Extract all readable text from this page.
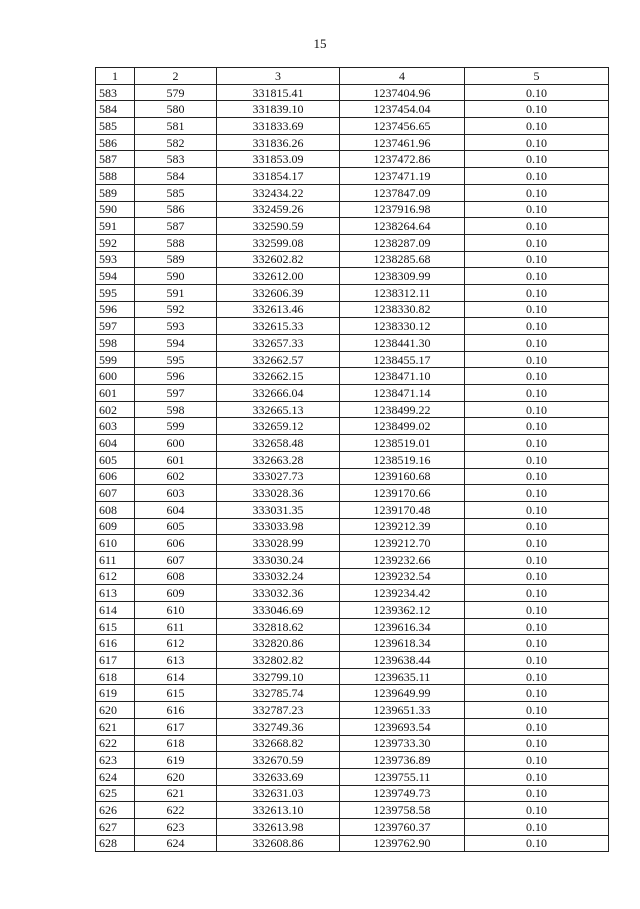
15
1	2	3	4	5
583	579	331815.41	1237404.96	0.10
584	580	331839.10	1237454.04	0.10
585	581	331833.69	1237456.65	0.10
586	582	331836.26	1237461.96	0.10
587	583	331853.09	1237472.86	0.10
588	584	331854.17	1237471.19	0.10
589	585	332434.22	1237847.09	0.10
590	586	332459.26	1237916.98	0.10
591	587	332590.59	1238264.64	0.10
592	588	332599.08	1238287.09	0.10
593	589	332602.82	1238285.68	0.10
594	590	332612.00	1238309.99	0.10
595	591	332606.39	1238312.11	0.10
596	592	332613.46	1238330.82	0.10
597	593	332615.33	1238330.12	0.10
598	594	332657.33	1238441.30	0.10
599	595	332662.57	1238455.17	0.10
600	596	332662.15	1238471.10	0.10
601	597	332666.04	1238471.14	0.10
602	598	332665.13	1238499.22	0.10
603	599	332659.12	1238499.02	0.10
604	600	332658.48	1238519.01	0.10
605	601	332663.28	1238519.16	0.10
606	602	333027.73	1239160.68	0.10
607	603	333028.36	1239170.66	0.10
608	604	333031.35	1239170.48	0.10
609	605	333033.98	1239212.39	0.10
610	606	333028.99	1239212.70	0.10
611	607	333030.24	1239232.66	0.10
612	608	333032.24	1239232.54	0.10
613	609	333032.36	1239234.42	0.10
614	610	333046.69	1239362.12	0.10
615	611	332818.62	1239616.34	0.10
616	612	332820.86	1239618.34	0.10
617	613	332802.82	1239638.44	0.10
618	614	332799.10	1239635.11	0.10
619	615	332785.74	1239649.99	0.10
620	616	332787.23	1239651.33	0.10
621	617	332749.36	1239693.54	0.10
622	618	332668.82	1239733.30	0.10
623	619	332670.59	1239736.89	0.10
624	620	332633.69	1239755.11	0.10
625	621	332631.03	1239749.73	0.10
626	622	332613.10	1239758.58	0.10
627	623	332613.98	1239760.37	0.10
628	624	332608.86	1239762.90	0.10
